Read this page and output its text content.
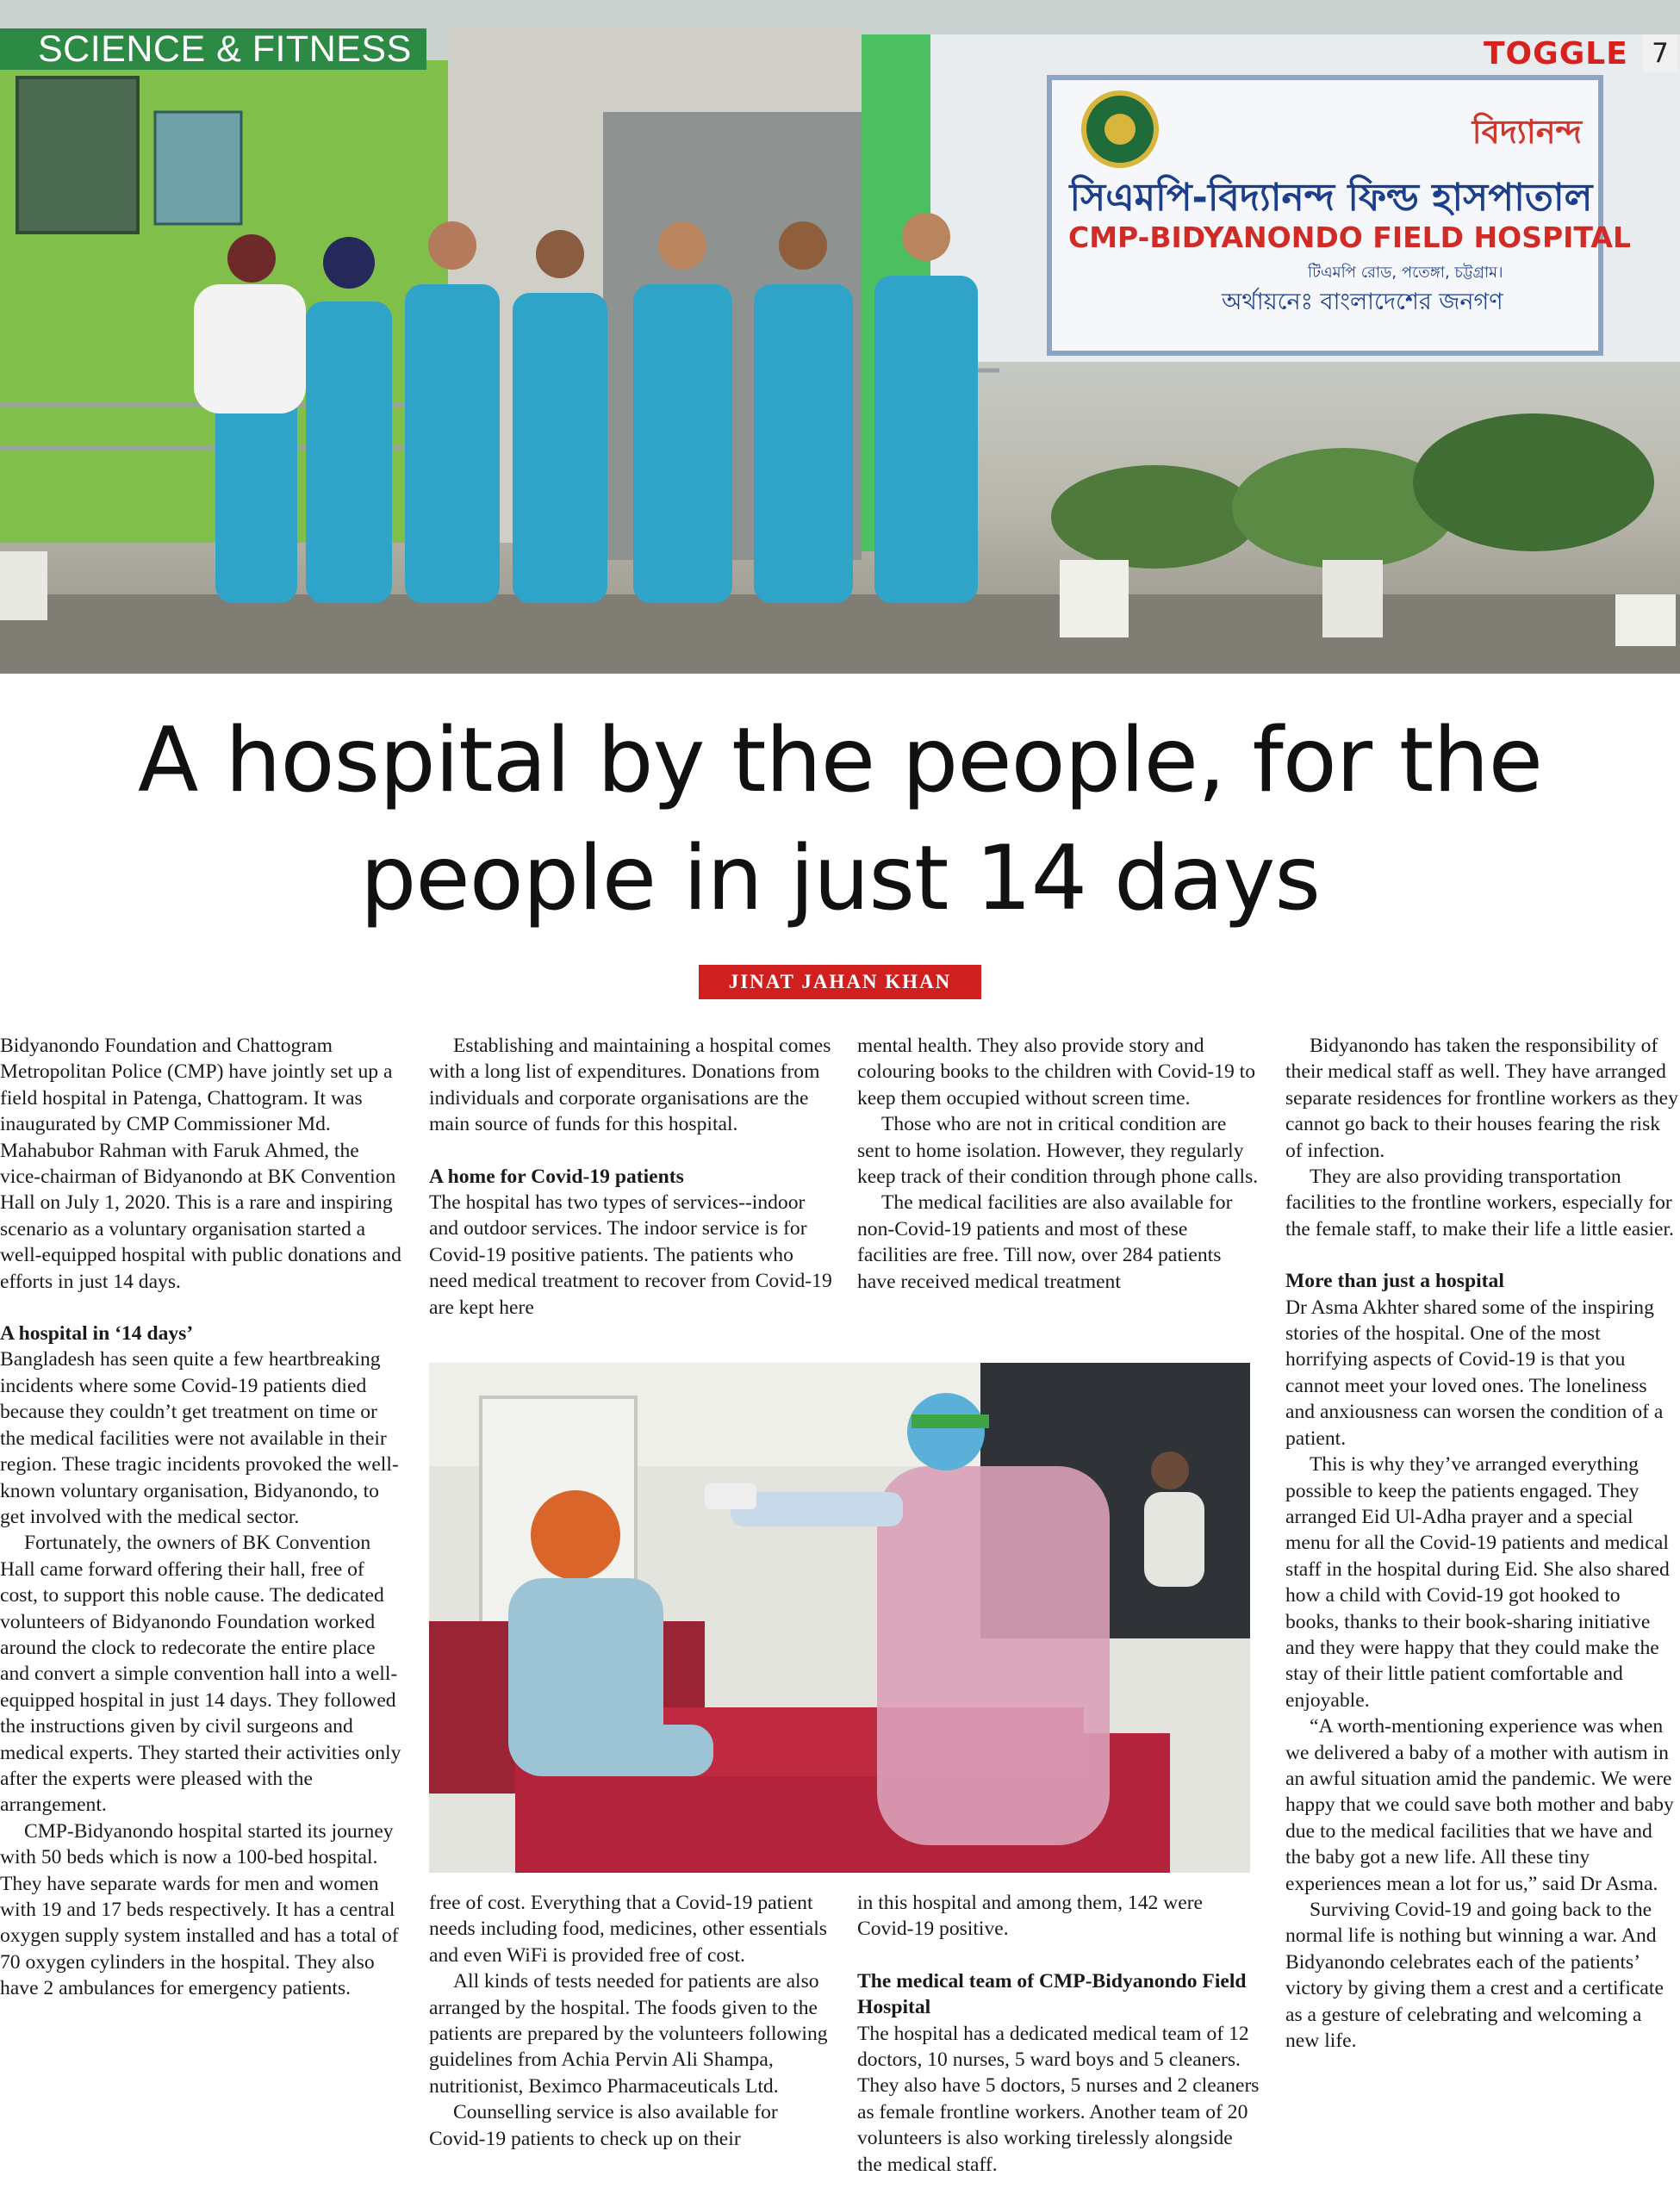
বিদ্যানন্দ
সিএমপি-বিদ্যানন্দ ফিল্ড হাসপাতাল
CMP-BIDYANONDO FIELD HOSPITAL
টিএমপি রোড, পতেঙ্গা, চট্টগ্রাম।
অর্থায়নেঃ বাংলাদেশের জনগণ
SCIENCE & FITNESS	TOGGLE 7
A hospital by the people, for the
people in just 14 days
JINAT JAHAN KHAN

Bidyanondo Foundation and Chattogram Metropolitan Police (CMP) have jointly set up a field hospital in Patenga, Chattogram. It was inaugurated by CMP Commissioner Md. Mahabubor Rahman with Faruk Ahmed, the vice-chairman of Bidyanondo at BK Convention Hall on July 1, 2020. This is a rare and inspiring scenario as a voluntary organisation started a well-equipped hospital with public donations and efforts in just 14 days.

A hospital in ‘14 days’

Bangladesh has seen quite a few heartbreaking incidents where some Covid-19 patients died because they couldn’t get treatment on time or the medical facilities were not available in their region. These tragic incidents provoked the well-known voluntary organisation, Bidyanondo, to get involved with the medical sector.

Fortunately, the owners of BK Convention Hall came forward offering their hall, free of cost, to support this noble cause. The dedicated volunteers of Bidyanondo Foundation worked around the clock to redecorate the entire place and convert a simple convention hall into a well-equipped hospital in just 14 days. They followed the instructions given by civil surgeons and medical experts. They started their activities only after the experts were pleased with the arrangement.

CMP-Bidyanondo hospital started its journey with 50 beds which is now a 100-bed hospital. They have separate wards for men and women with 19 and 17 beds respectively. It has a central oxygen supply system installed and has a total of 70 oxygen cylinders in the hospital. They also have 2 ambulances for emergency patients.

Establishing and maintaining a hospital comes with a long list of expenditures. Donations from individuals and corporate organisations are the main source of funds for this hospital.

A home for Covid-19 patients

The hospital has two types of services--indoor and outdoor services. The indoor service is for Covid-19 positive patients. The patients who need medical treatment to recover from Covid-19 are kept here

mental health. They also provide story and colouring books to the children with Covid-19 to keep them occupied without screen time.

Those who are not in critical condition are sent to home isolation. However, they regularly keep track of their condition through phone calls.

The medical facilities are also available for non-Covid-19 patients and most of these facilities are free. Till now, over 284 patients have received medical treatment

free of cost. Everything that a Covid-19 patient needs including food, medicines, other essentials and even WiFi is provided free of cost.

All kinds of tests needed for patients are also arranged by the hospital. The foods given to the patients are prepared by the volunteers following guidelines from Achia Pervin Ali Shampa, nutritionist, Beximco Pharmaceuticals Ltd.

Counselling service is also available for Covid-19 patients to check up on their

in this hospital and among them, 142 were Covid-19 positive.

The medical team of CMP-Bidyanondo Field Hospital

The hospital has a dedicated medical team of 12 doctors, 10 nurses, 5 ward boys and 5 cleaners. They also have 5 doctors, 5 nurses and 2 cleaners as female frontline workers. Another team of 20 volunteers is also working tirelessly alongside the medical staff.

Bidyanondo has taken the responsibility of their medical staff as well. They have arranged separate residences for frontline workers as they cannot go back to their houses fearing the risk of infection.

They are also providing transportation facilities to the frontline workers, especially for the female staff, to make their life a little easier.

More than just a hospital

Dr Asma Akhter shared some of the inspiring stories of the hospital. One of the most horrifying aspects of Covid-19 is that you cannot meet your loved ones. The loneliness and anxiousness can worsen the condition of a patient.

This is why they’ve arranged everything possible to keep the patients engaged. They arranged Eid Ul-Adha prayer and a special menu for all the Covid-19 patients and medical staff in the hospital during Eid. She also shared how a child with Covid-19 got hooked to books, thanks to their book-sharing initiative and they were happy that they could make the stay of their little patient comfortable and enjoyable.

“A worth-mentioning experience was when we delivered a baby of a mother with autism in an awful situation amid the pandemic. We were happy that we could save both mother and baby due to the medical facilities that we have and the baby got a new life. All these tiny experiences mean a lot for us,” said Dr Asma.

Surviving Covid-19 and going back to the normal life is nothing but winning a war. And Bidyanondo celebrates each of the patients’ victory by giving them a crest and a certificate as a gesture of celebrating and welcoming a new life.
